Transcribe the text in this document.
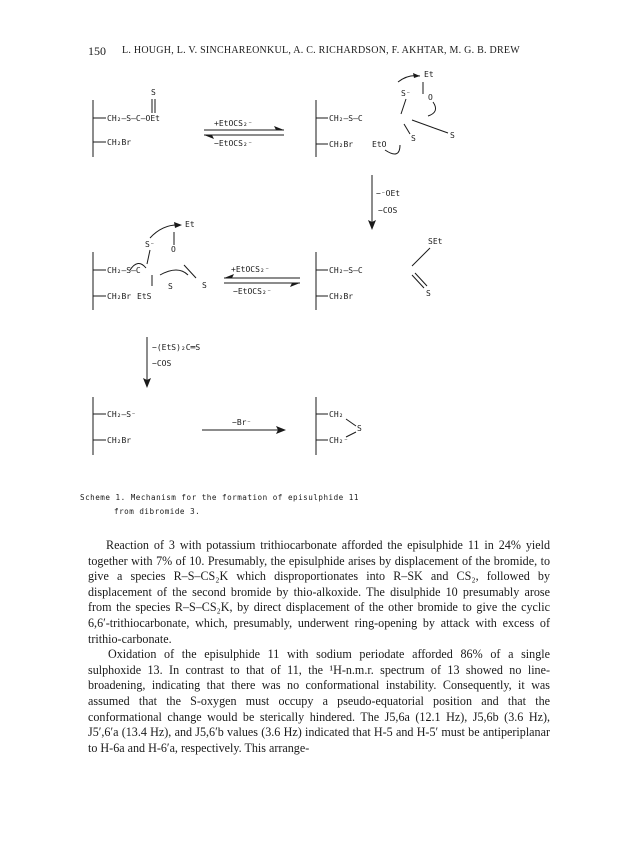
150 L. HOUGH, L. V. SINCHAREONKUL, A. C. RICHARDSON, F. AKHTAR, M. G. B. DREW
CH₂—S—C—OEt
CH₂Br
S
+EtOCS₂⁻
−EtOCS₂⁻
CH₂—S—C
CH₂Br EtO
Et
S⁻ O
S
S
−⁻OEt
−COS
CH₂—S—C
CH₂Br EtS
Et
S⁻
O
S	S
+EtOCS₂⁻
−EtOCS₂⁻
CH₂—S—C
CH₂Br
SEt
S
−(EtS)₂C═S
−COS
CH₂—S⁻
CH₂Br
−Br⁻
CH₂
CH₂⁻
S
Scheme 1. Mechanism for the formation of episulphide 11
from dibromide 3.

Reaction of 3 with potassium trithiocarbonate afforded the episulphide 11 in 24% yield together with 7% of 10. Presumably, the episulphide arises by displacement of the bromide, to give a species R–S–CS₂K which disproportionates into R–SK and CS₂, followed by displacement of the second bromide by thio-alkoxide. The disulphide 10 presumably arose from the species R–S–CS₂K, by direct displacement of the other bromide to give the cyclic 6,6′-trithiocarbonate, which, presumably, underwent ring-opening by attack with excess of trithio-carbonate.

Oxidation of the episulphide 11 with sodium periodate afforded 86% of a single sulphoxide 13. In contrast to that of 11, the ¹H-n.m.r. spectrum of 13 showed no line-broadening, indicating that there was no conformational instability. Consequently, it was assumed that the S-oxygen must occupy a pseudo-equatorial position and that the conformational change would be sterically hindered. The J5,6a (12.1 Hz), J5,6b (3.6 Hz), J5′,6′a (13.4 Hz), and J5,6′b values (3.6 Hz) indicated that H-5 and H-5′ must be antiperiplanar to H-6a and H-6′a, respectively. This arrange-
